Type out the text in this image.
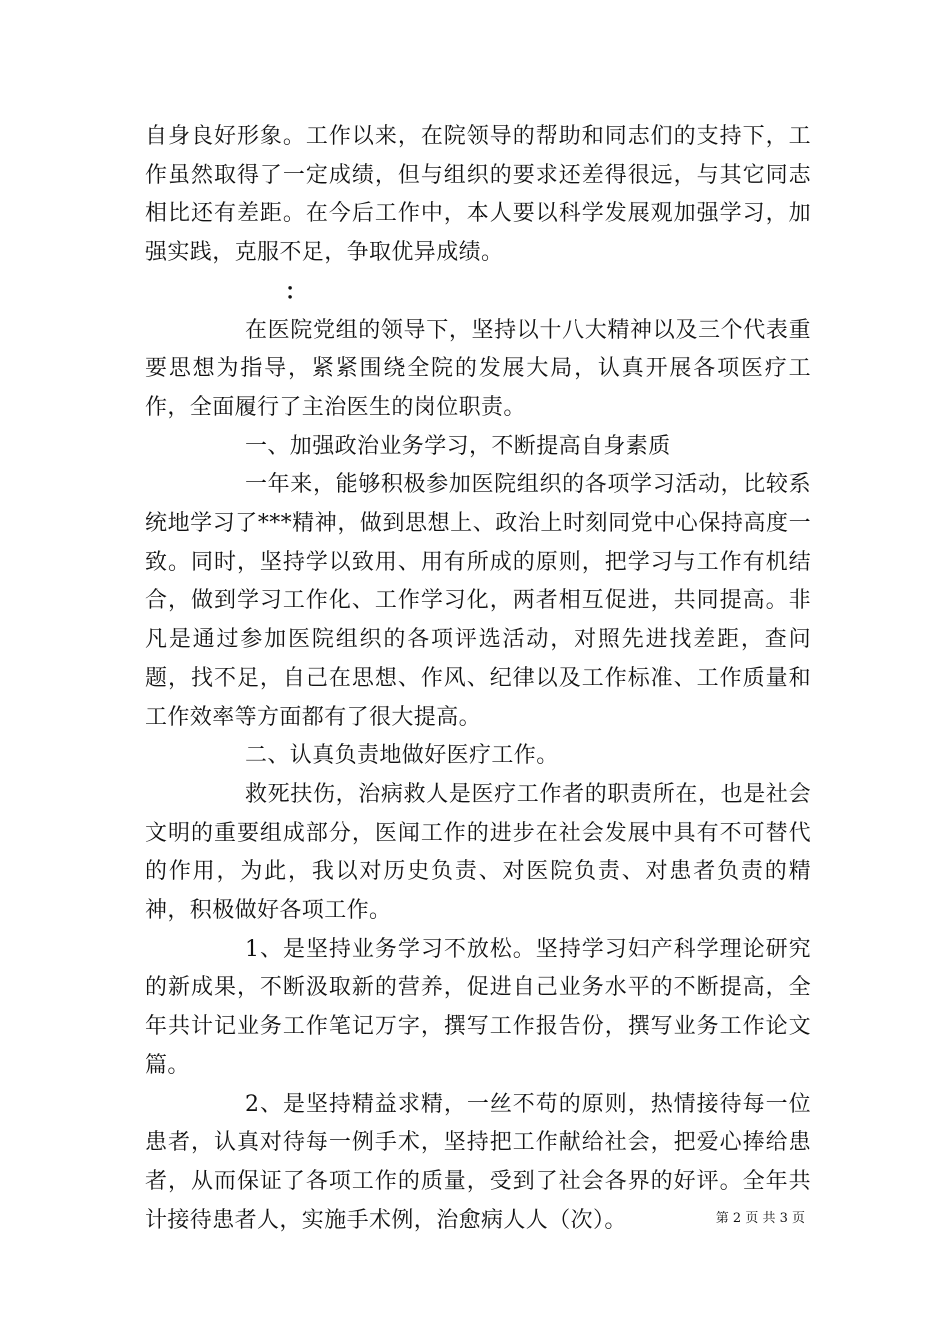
自身良好形象。工作以来，在院领导的帮助和同志们的支持下，工作虽然取得了一定成绩，但与组织的要求还差得很远，与其它同志相比还有差距。在今后工作中，本人要以科学发展观加强学习，加强实践，克服不足，争取优异成绩。

：

在医院党组的领导下，坚持以十八大精神以及三个代表重要思想为指导，紧紧围绕全院的发展大局，认真开展各项医疗工作，全面履行了主治医生的岗位职责。

一、加强政治业务学习，不断提高自身素质

一年来，能够积极参加医院组织的各项学习活动，比较系统地学习了***精神，做到思想上、政治上时刻同党中心保持高度一致。同时，坚持学以致用、用有所成的原则，把学习与工作有机结合，做到学习工作化、工作学习化，两者相互促进，共同提高。非凡是通过参加医院组织的各项评选活动，对照先进找差距，查问题，找不足，自己在思想、作风、纪律以及工作标准、工作质量和工作效率等方面都有了很大提高。

二、认真负责地做好医疗工作。

救死扶伤，治病救人是医疗工作者的职责所在，也是社会文明的重要组成部分，医闻工作的进步在社会发展中具有不可替代的作用，为此，我以对历史负责、对医院负责、对患者负责的精神，积极做好各项工作。

1、是坚持业务学习不放松。坚持学习妇产科学理论研究的新成果，不断汲取新的营养，促进自己业务水平的不断提高，全年共计记业务工作笔记万字，撰写工作报告份，撰写业务工作论文篇。

2、是坚持精益求精，一丝不苟的原则，热情接待每一位患者，认真对待每一例手术，坚持把工作献给社会，把爱心捧给患者，从而保证了各项工作的质量，受到了社会各界的好评。全年共计接待患者人，实施手术例，治愈病人人（次）。	第 2 页 共 3 页
